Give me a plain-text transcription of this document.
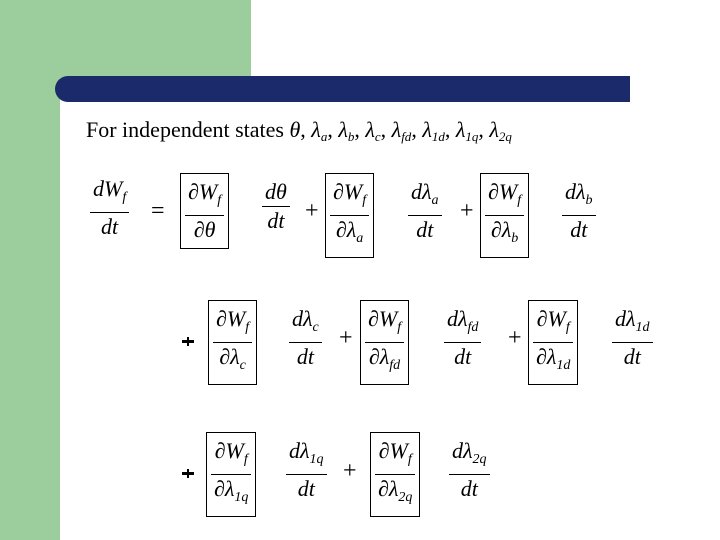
For independent states θ, $\lambda_a$, $\lambda_b$, $\lambda_c$, $\lambda_{fd}$, $\lambda_{1d}$, $\lambda_{1q}$, $\lambda_{2q}$
$dW_f$
dt
=
$\partial W_f$
∂θ
dθ
dt +
$\partial W_f$
$\partial\lambda_a$
$d\lambda_a$
dt
+
$\partial W_f$
$\partial\lambda_b$
$d\lambda_b$
dt
$\partial W_f$
$\partial\lambda_c$
$d\lambda_c$
dt
+
$\partial W_f$
$\partial\lambda_{fd}$
$d\lambda_{fd}$
dt
+
$\partial W_f$
$\partial\lambda_{1d}$
$d\lambda_{1d}$
dt
$\partial W_f$
$\partial\lambda_{1q}$
$d\lambda_{1q}$
dt
+
$\partial W_f$
$\partial\lambda_{2q}$
$d\lambda_{2q}$
dt
